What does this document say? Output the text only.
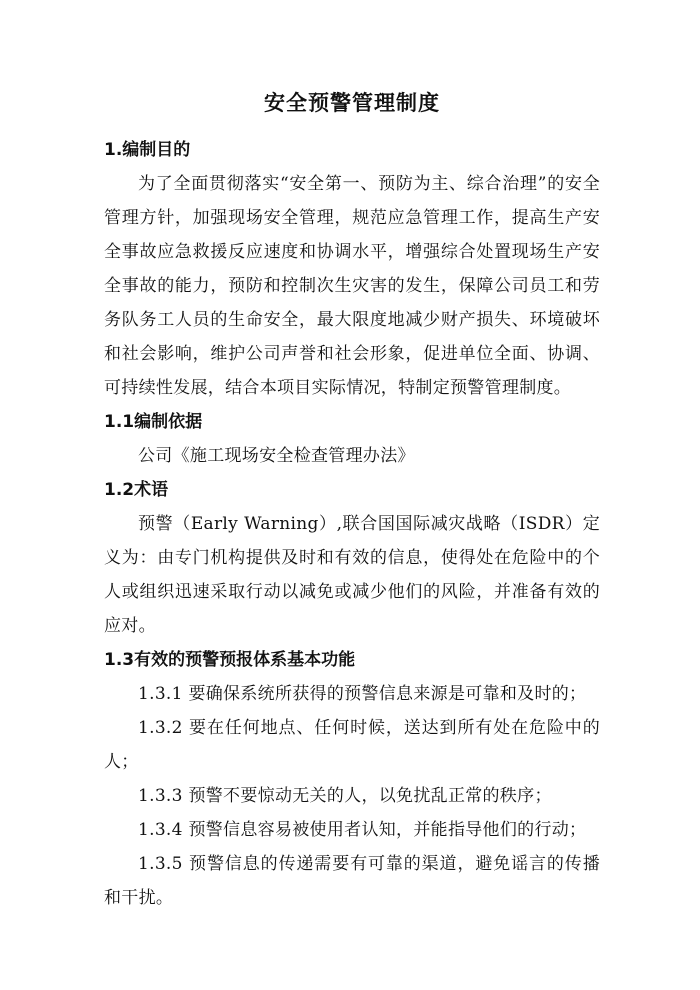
安全预警管理制度

1.编制目的

为了全面贯彻落实“安全第一、预防为主、综合治理”的安全管理方针，加强现场安全管理，规范应急管理工作，提高生产安全事故应急救援反应速度和协调水平，增强综合处置现场生产安全事故的能力，预防和控制次生灾害的发生，保障公司员工和劳务队务工人员的生命安全，最大限度地减少财产损失、环境破坏和社会影响，维护公司声誉和社会形象，促进单位全面、协调、可持续性发展，结合本项目实际情况，特制定预警管理制度。

1.1编制依据

公司《施工现场安全检查管理办法》

1.2术语

预警（Early Warning）,联合国国际减灾战略（ISDR）定义为：由专门机构提供及时和有效的信息，使得处在危险中的个人或组织迅速采取行动以减免或减少他们的风险，并准备有效的应对。

1.3有效的预警预报体系基本功能

1.3.1 要确保系统所获得的预警信息来源是可靠和及时的；

1.3.2 要在任何地点、任何时候，送达到所有处在危险中的人；

1.3.3 预警不要惊动无关的人，以免扰乱正常的秩序；

1.3.4 预警信息容易被使用者认知，并能指导他们的行动；

1.3.5 预警信息的传递需要有可靠的渠道，避免谣言的传播和干扰。
